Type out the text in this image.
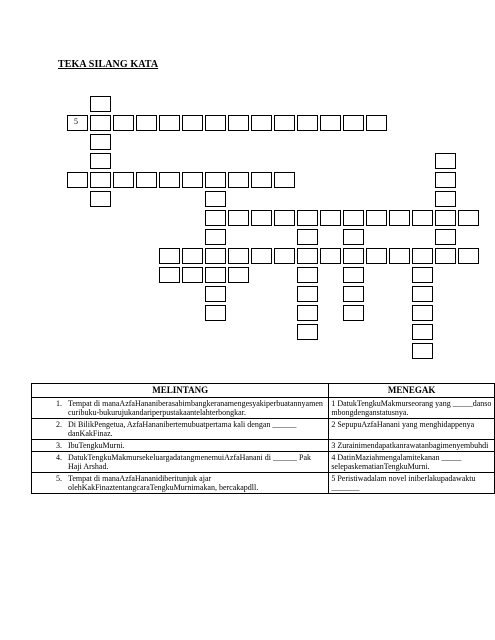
TEKA SILANG KATA
5
MELINTANG	MENEGAK

1. Tempat di manaAzfaHananiberasabimbangkeranamengesyakiperbuatannyamencuribuku-bukurujukandariperpustakaantelahterbongkar.	1 DatukTengkuMakmurseorang yang _____dansombongdenganstatusnya.

2. Di BilikPengetua, AzfaHananibertemubuatpertama kali dengan ______ danKakFinaz.	2 SepupuAzfaHanani yang menghidappenya

3. IbuTengkuMurni.	3 Zurainimendapatkanrawatanbagimenyembuhdi

4. DatukTengkuMakmursekeluargadatangmenemuiAzfaHanani di ______ Pak Haji Arshad.	4 DatinMaziahmengalamitekanan _____ selepaskematianTengkuMurni.

5. Tempat di manaAzfaHananidiberitunjuk ajar olehKakFinaztentangcaraTengkuMurnimakan, bercakapdll.	5 Peristiwadalam novel iniberlakupadawaktu _______
